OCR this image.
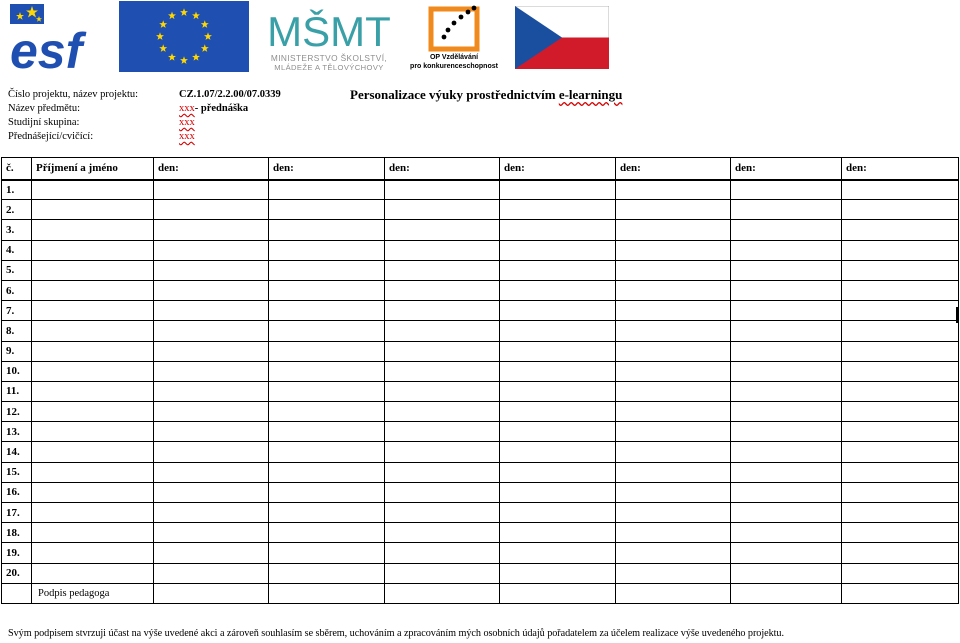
esf	MŠMT
MINISTERSTVO ŠKOLSTVÍ,
MLÁDEŽE A TĚLOVÝCHOVY
OP Vzdělávání
pro konkurenceschopnost
Číslo projektu, název projektu:	CZ.1.07/2.2.00/07.0339	Personalizace výuky prostřednictvím e-learningu
Název předmětu:	xxx- přednáška
Studijní skupina:	xxx
Přednášející/cvičící:	xxx
č.	Příjmení a jméno	den:	den:	den:	den:	den:	den:	den:
1.								
2.								
3.								
4.								
5.								
6.								
7.								
8.								
9.								
10.								
11.								
12.								
13.								
14.								
15.								
16.								
17.								
18.								
19.								
20.								
	Podpis pedagoga							
Svým podpisem stvrzuji účast na výše uvedené akci a zároveň souhlasím se sběrem, uchováním a zpracováním mých osobních údajů pořadatelem za účelem realizace výše uvedeného projektu.
